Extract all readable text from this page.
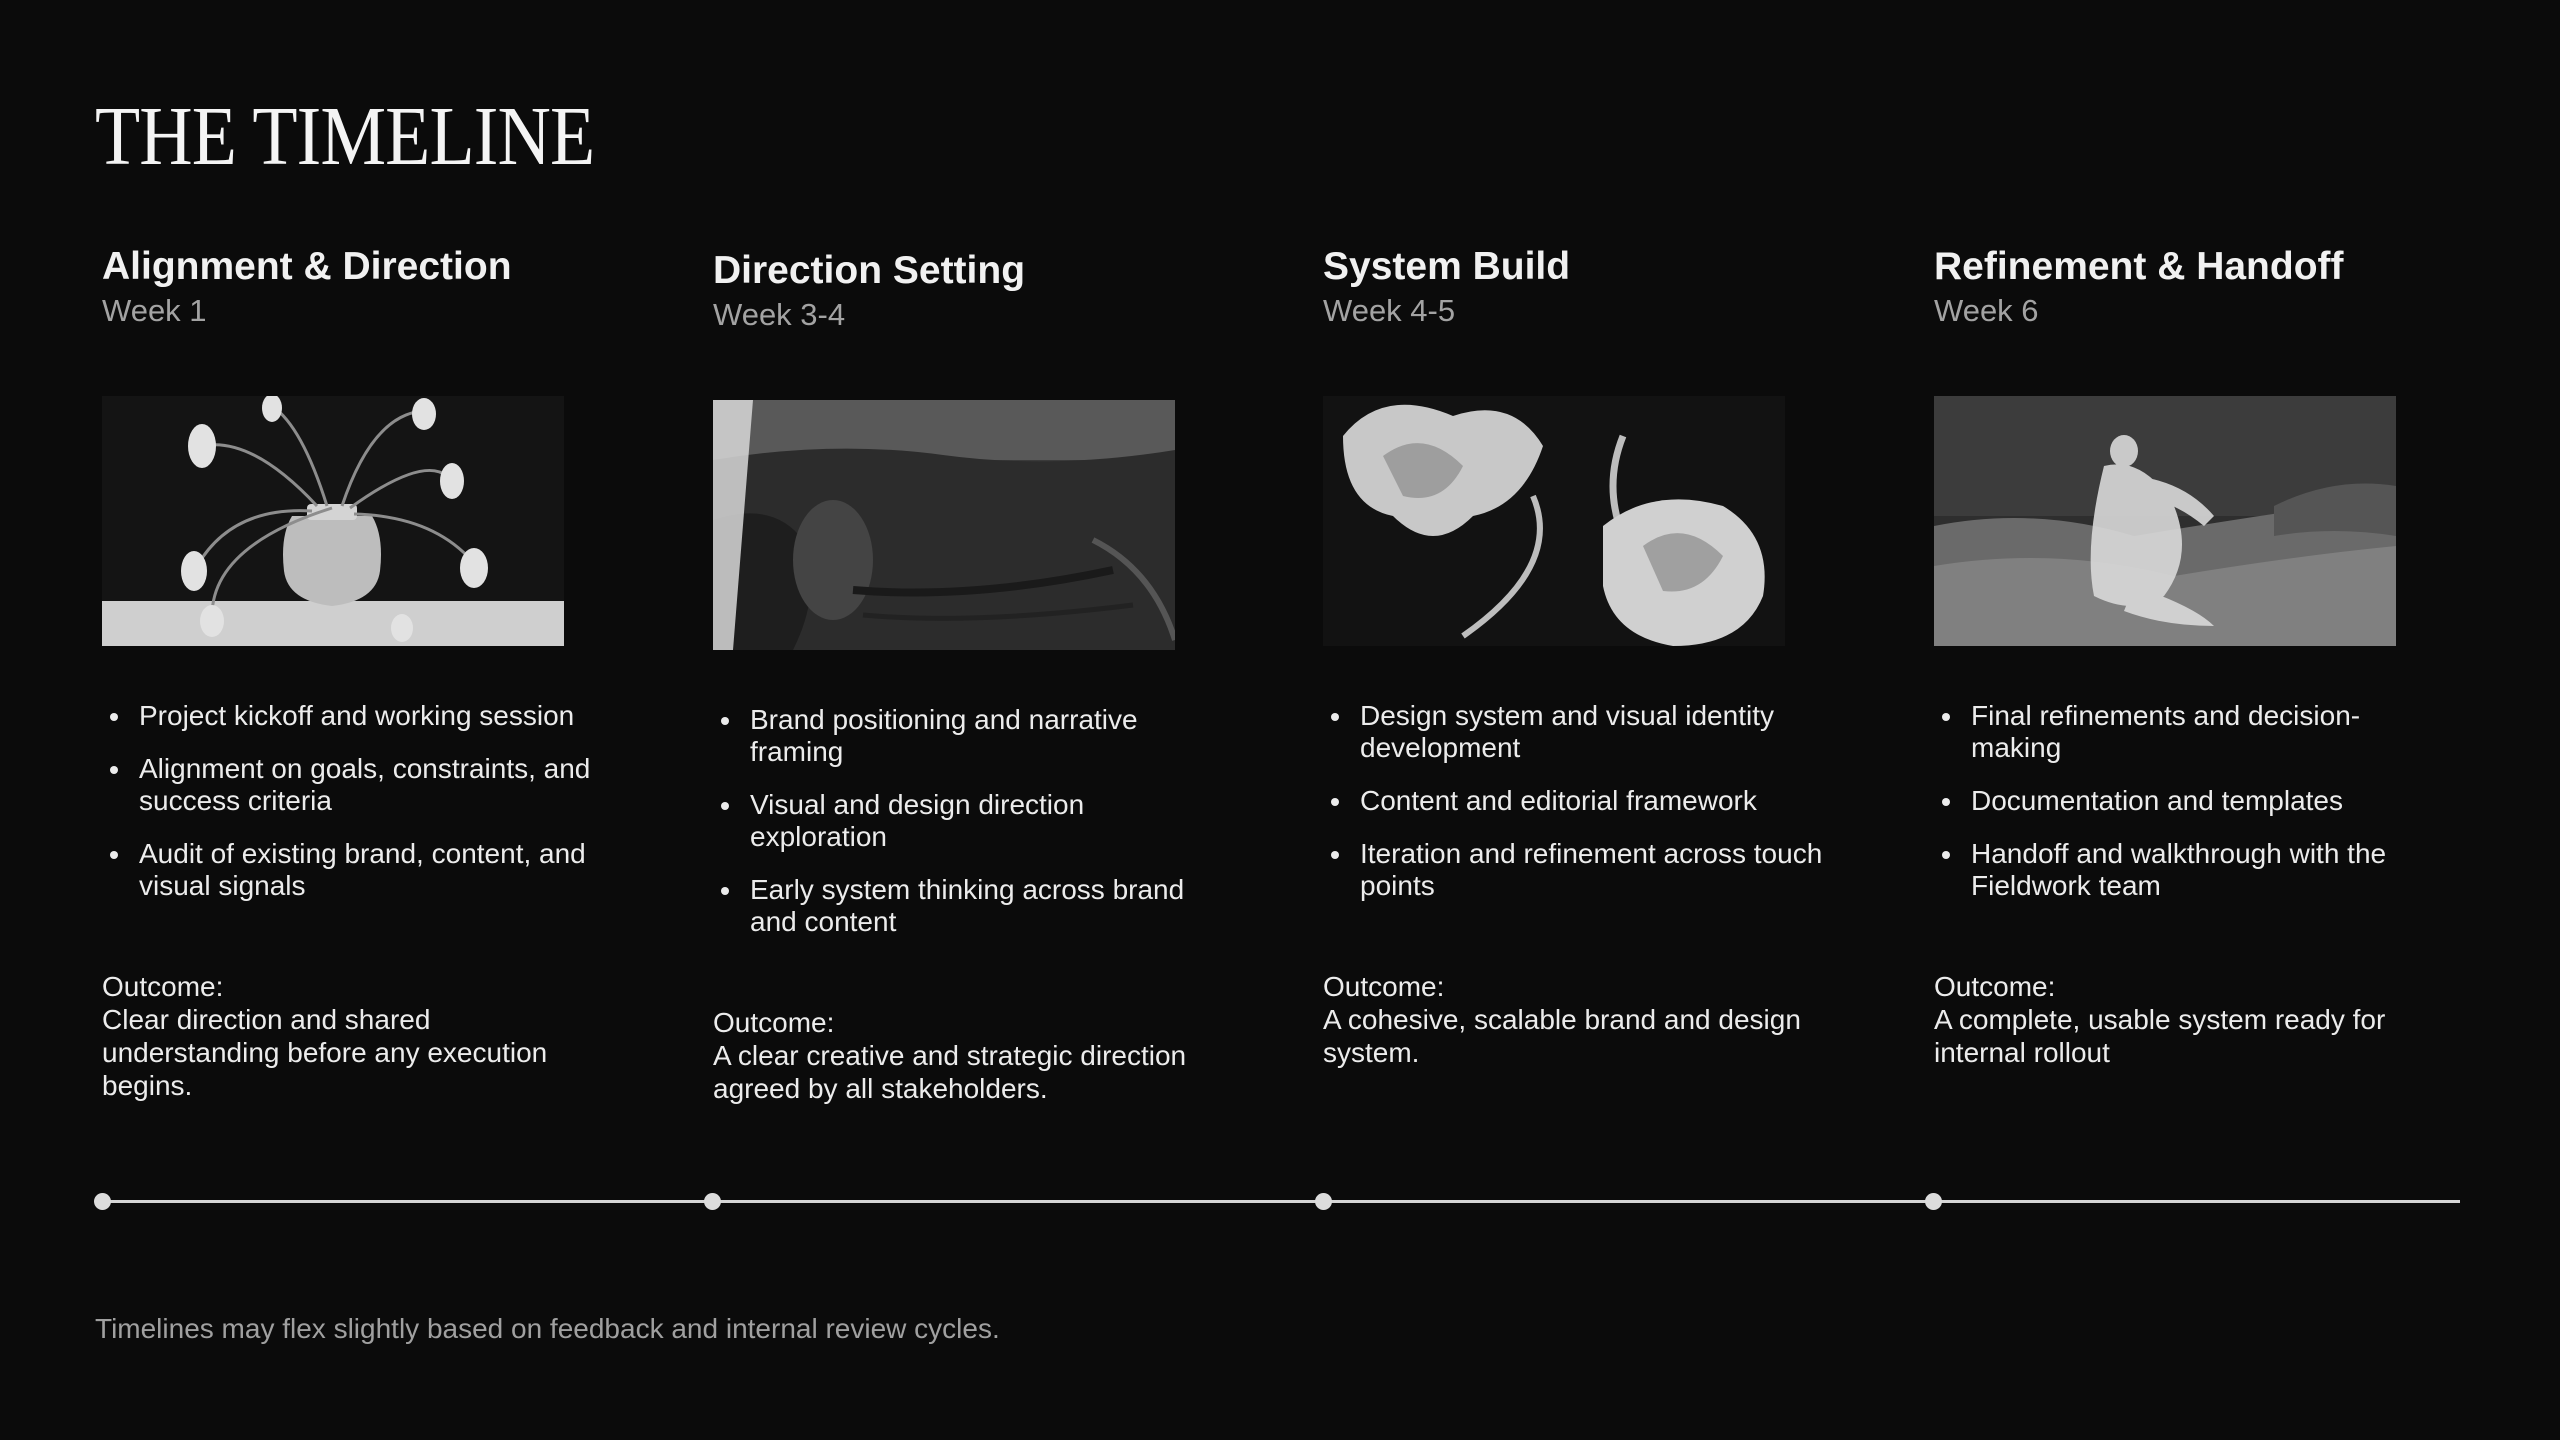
THE TIMELINE
Alignment & Direction
Week 1
Project kickoff and working session
Alignment on goals, constraints, and success criteria
Audit of existing brand, content, and visual signals
Outcome:
Clear direction and shared understanding before any execution begins.
Direction Setting
Week 3-4
Brand positioning and narrative framing
Visual and design direction exploration
Early system thinking across brand and content
Outcome:
A clear creative and strategic direction agreed by all stakeholders.
System Build
Week 4-5
Design system and visual identity development
Content and editorial framework
Iteration and refinement across touch points
Outcome:
A cohesive, scalable brand and design system.
Refinement & Handoff
Week 6
Final refinements and decision-making
Documentation and templates
Handoff and walkthrough with the Fieldwork team
Outcome:
A complete, usable system ready for internal rollout
Timelines may flex slightly based on feedback and internal review cycles.
